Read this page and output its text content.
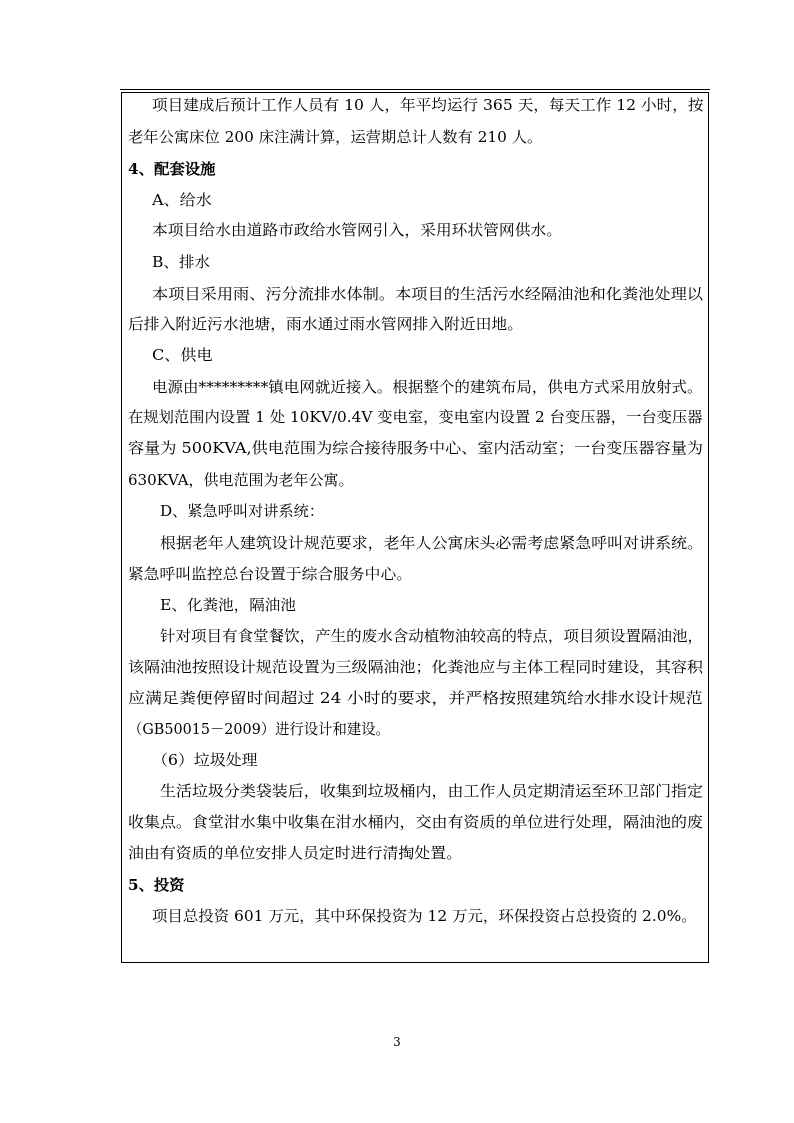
项目建成后预计工作人员有 10 人，年平均运行 365 天，每天工作 12 小时，按
老年公寓床位 200 床注满计算，运营期总计人数有 210 人。
4、配套设施
A、给水
本项目给水由道路市政给水管网引入，采用环状管网供水。
B、排水
本项目采用雨、污分流排水体制。本项目的生活污水经隔油池和化粪池处理以
后排入附近污水池塘，雨水通过雨水管网排入附近田地。
C、供电
电源由*********镇电网就近接入。根据整个的建筑布局，供电方式采用放射式。
在规划范围内设置 1 处 10KV/0.4V 变电室，变电室内设置 2 台变压器，一台变压器
容量为 500KVA,供电范围为综合接待服务中心、室内活动室；一台变压器容量为
630KVA，供电范围为老年公寓。
D、紧急呼叫对讲系统：
根据老年人建筑设计规范要求，老年人公寓床头必需考虑紧急呼叫对讲系统。
紧急呼叫监控总台设置于综合服务中心。
E、化粪池，隔油池
针对项目有食堂餐饮，产生的废水含动植物油较高的特点，项目须设置隔油池，
该隔油池按照设计规范设置为三级隔油池；化粪池应与主体工程同时建设，其容积
应满足粪便停留时间超过 24 小时的要求，并严格按照建筑给水排水设计规范
（GB50015－2009）进行设计和建设。
（6）垃圾处理
生活垃圾分类袋装后，收集到垃圾桶内，由工作人员定期清运至环卫部门指定
收集点。食堂泔水集中收集在泔水桶内，交由有资质的单位进行处理，隔油池的废
油由有资质的单位安排人员定时进行清掏处置。
5、投资
项目总投资 601 万元，其中环保投资为 12 万元，环保投资占总投资的 2.0%。
3
